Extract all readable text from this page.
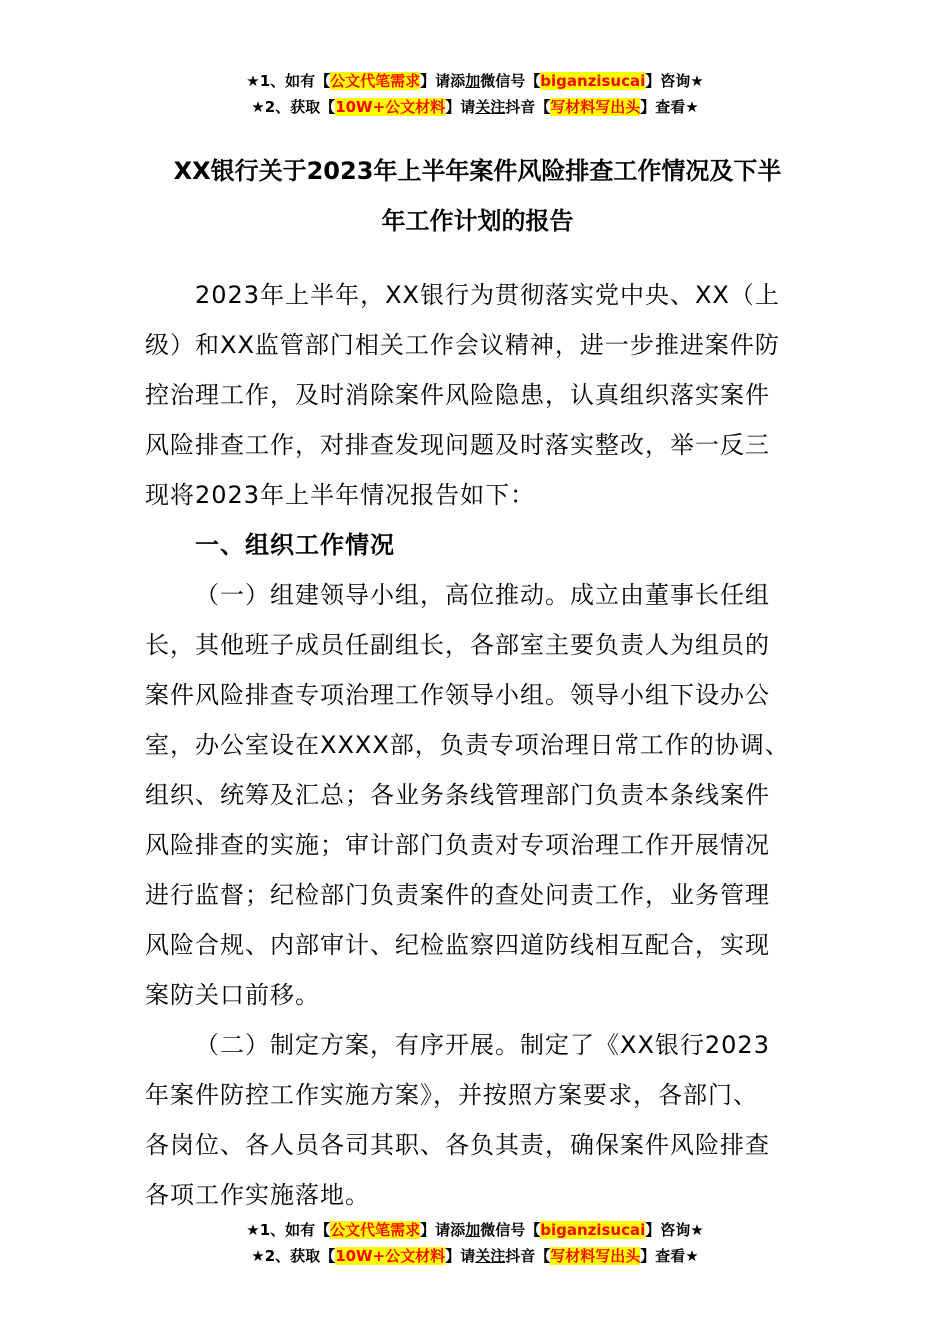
★1、如有【公文代笔需求】请添加微信号【biganzisucai】咨询★
★2、获取【10W+公文材料】请关注抖音【写材料写出头】查看★
XX银行关于2023年上半年案件风险排查工作情况及下半
年工作计划的报告
2023年上半年，XX银行为贯彻落实党中央、XX（上
级）和XX监管部门相关工作会议精神，进一步推进案件防
控治理工作，及时消除案件风险隐患，认真组织落实案件
风险排查工作，对排查发现问题及时落实整改，举一反三
现将2023年上半年情况报告如下：
一、组织工作情况
（一）组建领导小组，高位推动。成立由董事长任组
长，其他班子成员任副组长，各部室主要负责人为组员的
案件风险排查专项治理工作领导小组。领导小组下设办公
室，办公室设在XXXX部，负责专项治理日常工作的协调、
组织、统筹及汇总；各业务条线管理部门负责本条线案件
风险排查的实施；审计部门负责对专项治理工作开展情况
进行监督；纪检部门负责案件的查处问责工作，业务管理
风险合规、内部审计、纪检监察四道防线相互配合，实现
案防关口前移。
（二）制定方案，有序开展。制定了《XX银行2023
年案件防控工作实施方案》，并按照方案要求，各部门、
各岗位、各人员各司其职、各负其责，确保案件风险排查
各项工作实施落地。
★1、如有【公文代笔需求】请添加微信号【biganzisucai】咨询★
★2、获取【10W+公文材料】请关注抖音【写材料写出头】查看★
